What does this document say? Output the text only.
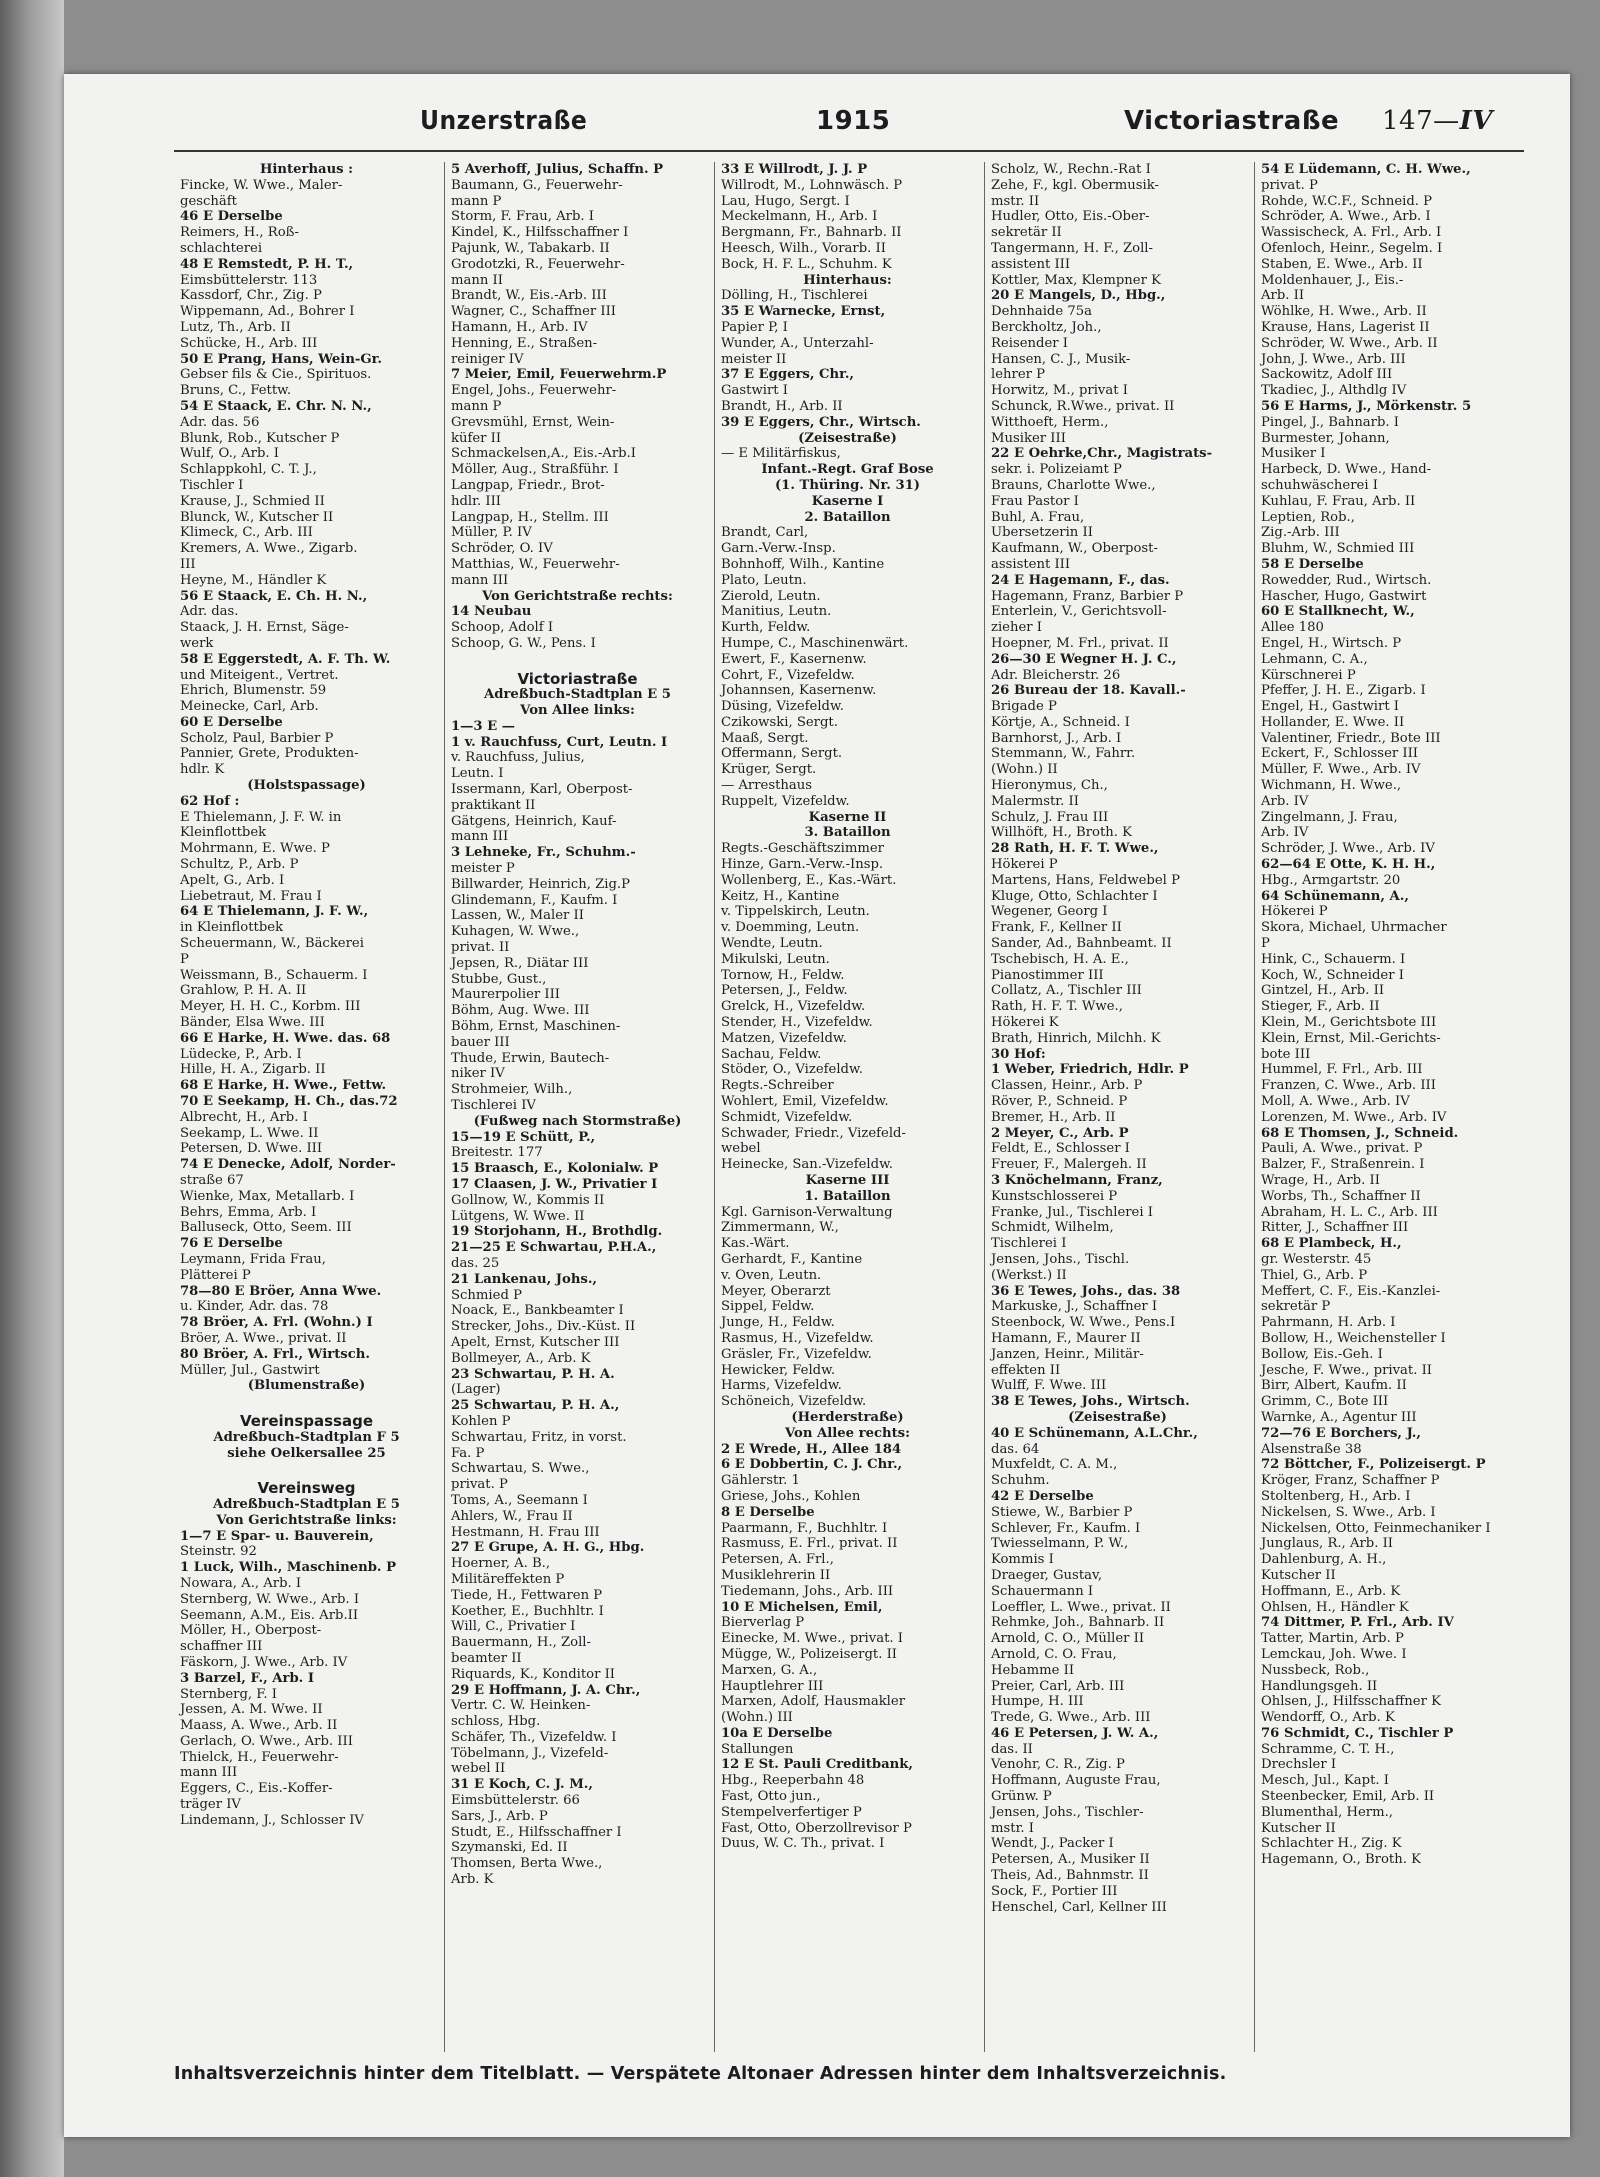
Unzerstraße	1915	Victoriastraße 147—IV
Hinterhaus :
Fincke, W. Wwe., Maler-
geschäft
46 E Derselbe
Reimers, H., Roß-
schlachterei
48 E Remstedt, P. H. T.,
Eimsbüttelerstr. 113
Kassdorf, Chr., Zig. P
Wippemann, Ad., Bohrer I
Lutz, Th., Arb. II
Schücke, H., Arb. III
50 E Prang, Hans, Wein-Gr.
Gebser fils & Cie., Spirituos.
Bruns, C., Fettw.
54 E Staack, E. Chr. N. N.,
Adr. das. 56
Blunk, Rob., Kutscher P
Wulf, O., Arb. I
Schlappkohl, C. T. J.,
Tischler I
Krause, J., Schmied II
Blunck, W., Kutscher II
Klimeck, C., Arb. III
Kremers, A. Wwe., Zigarb.
III
Heyne, M., Händler K
56 E Staack, E. Ch. H. N.,
Adr. das.
Staack, J. H. Ernst, Säge-
werk
58 E Eggerstedt, A. F. Th. W.
und Miteigent., Vertret.
Ehrich, Blumenstr. 59
Meinecke, Carl, Arb.
60 E Derselbe
Scholz, Paul, Barbier P
Pannier, Grete, Produkten-
hdlr. K
(Holstspassage)
62 Hof :
E Thielemann, J. F. W. in
Kleinflottbek
Mohrmann, E. Wwe. P
Schultz, P., Arb. P
Apelt, G., Arb. I
Liebetraut, M. Frau I
64 E Thielemann, J. F. W.,
in Kleinflottbek
Scheuermann, W., Bäckerei
P
Weissmann, B., Schauerm. I
Grahlow, P. H. A. II
Meyer, H. H. C., Korbm. III
Bänder, Elsa Wwe. III
66 E Harke, H. Wwe. das. 68
Lüdecke, P., Arb. I
Hille, H. A., Zigarb. II
68 E Harke, H. Wwe., Fettw.
70 E Seekamp, H. Ch., das.72
Albrecht, H., Arb. I
Seekamp, L. Wwe. II
Petersen, D. Wwe. III
74 E Denecke, Adolf, Norder-
straße 67
Wienke, Max, Metallarb. I
Behrs, Emma, Arb. I
Balluseck, Otto, Seem. III
76 E Derselbe
Leymann, Frida Frau,
Plätterei P
78—80 E Bröer, Anna Wwe.
u. Kinder, Adr. das. 78
78 Bröer, A. Frl. (Wohn.) I
Bröer, A. Wwe., privat. II
80 Bröer, A. Frl., Wirtsch.
Müller, Jul., Gastwirt
(Blumenstraße)

Vereinspassage
Adreßbuch-Stadtplan F 5
siehe Oelkersallee 25

Vereinsweg
Adreßbuch-Stadtplan E 5
Von Gerichtstraße links:
1—7 E Spar- u. Bauverein,
Steinstr. 92
1 Luck, Wilh., Maschinenb. P
Nowara, A., Arb. I
Sternberg, W. Wwe., Arb. I
Seemann, A.M., Eis. Arb.II
Möller, H., Oberpost-
schaffner III
Fäskorn, J. Wwe., Arb. IV
3 Barzel, F., Arb. I
Sternberg, F. I
Jessen, A. M. Wwe. II
Maass, A. Wwe., Arb. II
Gerlach, O. Wwe., Arb. III
Thielck, H., Feuerwehr-
mann III
Eggers, C., Eis.-Koffer-
träger IV
Lindemann, J., Schlosser IV
5 Averhoff, Julius, Schaffn. P
Baumann, G., Feuerwehr-
mann P
Storm, F. Frau, Arb. I
Kindel, K., Hilfsschaffner I
Pajunk, W., Tabakarb. II
Grodotzki, R., Feuerwehr-
mann II
Brandt, W., Eis.-Arb. III
Wagner, C., Schaffner III
Hamann, H., Arb. IV
Henning, E., Straßen-
reiniger IV
7 Meier, Emil, Feuerwehrm.P
Engel, Johs., Feuerwehr-
mann P
Grevsmühl, Ernst, Wein-
küfer II
Schmackelsen,A., Eis.-Arb.I
Möller, Aug., Straßführ. I
Langpap, Friedr., Brot-
hdlr. III
Langpap, H., Stellm. III
Müller, P. IV
Schröder, O. IV
Matthias, W., Feuerwehr-
mann III
Von Gerichtstraße rechts:
14 Neubau
Schoop, Adolf I
Schoop, G. W., Pens. I

Victoriastraße
Adreßbuch-Stadtplan E 5
Von Allee links:
1—3 E —
1 v. Rauchfuss, Curt, Leutn. I
v. Rauchfuss, Julius,
Leutn. I
Issermann, Karl, Oberpost-
praktikant II
Gätgens, Heinrich, Kauf-
mann III
3 Lehneke, Fr., Schuhm.-
meister P
Billwarder, Heinrich, Zig.P
Glindemann, F., Kaufm. I
Lassen, W., Maler II
Kuhagen, W. Wwe.,
privat. II
Jepsen, R., Diätar III
Stubbe, Gust.,
Maurerpolier III
Böhm, Aug. Wwe. III
Böhm, Ernst, Maschinen-
bauer III
Thude, Erwin, Bautech-
niker IV
Strohmeier, Wilh.,
Tischlerei IV
(Fußweg nach Stormstraße)
15—19 E Schütt, P.,
Breitestr. 177
15 Braasch, E., Kolonialw. P
17 Claasen, J. W., Privatier I
Gollnow, W., Kommis II
Lütgens, W. Wwe. II
19 Storjohann, H., Brothdlg.
21—25 E Schwartau, P.H.A.,
das. 25
21 Lankenau, Johs.,
Schmied P
Noack, E., Bankbeamter I
Strecker, Johs., Div.-Küst. II
Apelt, Ernst, Kutscher III
Bollmeyer, A., Arb. K
23 Schwartau, P. H. A.
(Lager)
25 Schwartau, P. H. A.,
Kohlen P
Schwartau, Fritz, in vorst.
Fa. P
Schwartau, S. Wwe.,
privat. P
Toms, A., Seemann I
Ahlers, W., Frau II
Hestmann, H. Frau III
27 E Grupe, A. H. G., Hbg.
Hoerner, A. B.,
Militäreffekten P
Tiede, H., Fettwaren P
Koether, E., Buchhltr. I
Will, C., Privatier I
Bauermann, H., Zoll-
beamter II
Riquards, K., Konditor II
29 E Hoffmann, J. A. Chr.,
Vertr. C. W. Heinken-
schloss, Hbg.
Schäfer, Th., Vizefeldw. I
Töbelmann, J., Vizefeld-
webel II
31 E Koch, C. J. M.,
Eimsbüttelerstr. 66
Sars, J., Arb. P
Studt, E., Hilfsschaffner I
Szymanski, Ed. II
Thomsen, Berta Wwe.,
Arb. K
33 E Willrodt, J. J. P
Willrodt, M., Lohnwäsch. P
Lau, Hugo, Sergt. I
Meckelmann, H., Arb. I
Bergmann, Fr., Bahnarb. II
Heesch, Wilh., Vorarb. II
Bock, H. F. L., Schuhm. K
Hinterhaus:
Dölling, H., Tischlerei
35 E Warnecke, Ernst,
Papier P, I
Wunder, A., Unterzahl-
meister II
37 E Eggers, Chr.,
Gastwirt I
Brandt, H., Arb. II
39 E Eggers, Chr., Wirtsch.
(Zeisestraße)
— E Militärfiskus,
Infant.-Regt. Graf Bose
(1. Thüring. Nr. 31)
Kaserne I
2. Bataillon
Brandt, Carl,
Garn.-Verw.-Insp.
Bohnhoff, Wilh., Kantine
Plato, Leutn.
Zierold, Leutn.
Manitius, Leutn.
Kurth, Feldw.
Humpe, C., Maschinenwärt.
Ewert, F., Kasernenw.
Cohrt, F., Vizefeldw.
Johannsen, Kasernenw.
Düsing, Vizefeldw.
Czikowski, Sergt.
Maaß, Sergt.
Offermann, Sergt.
Krüger, Sergt.
— Arresthaus
Ruppelt, Vizefeldw.
Kaserne II
3. Bataillon
Regts.-Geschäftszimmer
Hinze, Garn.-Verw.-Insp.
Wollenberg, E., Kas.-Wärt.
Keitz, H., Kantine
v. Tippelskirch, Leutn.
v. Doemming, Leutn.
Wendte, Leutn.
Mikulski, Leutn.
Tornow, H., Feldw.
Petersen, J., Feldw.
Grelck, H., Vizefeldw.
Stender, H., Vizefeldw.
Matzen, Vizefeldw.
Sachau, Feldw.
Stöder, O., Vizefeldw.
Regts.-Schreiber
Wohlert, Emil, Vizefeldw.
Schmidt, Vizefeldw.
Schwader, Friedr., Vizefeld-
webel
Heinecke, San.-Vizefeldw.
Kaserne III
1. Bataillon
Kgl. Garnison-Verwaltung
Zimmermann, W.,
Kas.-Wärt.
Gerhardt, F., Kantine
v. Oven, Leutn.
Meyer, Oberarzt
Sippel, Feldw.
Junge, H., Feldw.
Rasmus, H., Vizefeldw.
Gräsler, Fr., Vizefeldw.
Hewicker, Feldw.
Harms, Vizefeldw.
Schöneich, Vizefeldw.
(Herderstraße)
Von Allee rechts:
2 E Wrede, H., Allee 184
6 E Dobbertin, C. J. Chr.,
Gählerstr. 1
Griese, Johs., Kohlen
8 E Derselbe
Paarmann, F., Buchhltr. I
Rasmuss, E. Frl., privat. II
Petersen, A. Frl.,
Musiklehrerin II
Tiedemann, Johs., Arb. III
10 E Michelsen, Emil,
Bierverlag P
Einecke, M. Wwe., privat. I
Mügge, W., Polizeisergt. II
Marxen, G. A.,
Hauptlehrer III
Marxen, Adolf, Hausmakler
(Wohn.) III
10a E Derselbe
Stallungen
12 E St. Pauli Creditbank,
Hbg., Reeperbahn 48
Fast, Otto jun.,
Stempelverfertiger P
Fast, Otto, Oberzollrevisor P
Duus, W. C. Th., privat. I
Scholz, W., Rechn.-Rat I
Zehe, F., kgl. Obermusik-
mstr. II
Hudler, Otto, Eis.-Ober-
sekretär II
Tangermann, H. F., Zoll-
assistent III
Kottler, Max, Klempner K
20 E Mangels, D., Hbg.,
Dehnhaide 75a
Berckholtz, Joh.,
Reisender I
Hansen, C. J., Musik-
lehrer P
Horwitz, M., privat I
Schunck, R.Wwe., privat. II
Witthoeft, Herm.,
Musiker III
22 E Oehrke,Chr., Magistrats-
sekr. i. Polizeiamt P
Brauns, Charlotte Wwe.,
Frau Pastor I
Buhl, A. Frau,
Übersetzerin II
Kaufmann, W., Oberpost-
assistent III
24 E Hagemann, F., das.
Hagemann, Franz, Barbier P
Enterlein, V., Gerichtsvoll-
zieher I
Hoepner, M. Frl., privat. II
26—30 E Wegner H. J. C.,
Adr. Bleicherstr. 26
26 Bureau der 18. Kavall.-
Brigade P
Körtje, A., Schneid. I
Barnhorst, J., Arb. I
Stemmann, W., Fahrr.
(Wohn.) II
Hieronymus, Ch.,
Malermstr. II
Schulz, J. Frau III
Willhöft, H., Broth. K
28 Rath, H. F. T. Wwe.,
Hökerei P
Martens, Hans, Feldwebel P
Kluge, Otto, Schlachter I
Wegener, Georg I
Frank, F., Kellner II
Sander, Ad., Bahnbeamt. II
Tschebisch, H. A. E.,
Pianostimmer III
Collatz, A., Tischler III
Rath, H. F. T. Wwe.,
Hökerei K
Brath, Hinrich, Milchh. K
30 Hof:
1 Weber, Friedrich, Hdlr. P
Classen, Heinr., Arb. P
Röver, P., Schneid. P
Bremer, H., Arb. II
2 Meyer, C., Arb. P
Feldt, E., Schlosser I
Freuer, F., Malergeh. II
3 Knöchelmann, Franz,
Kunstschlosserei P
Franke, Jul., Tischlerei I
Schmidt, Wilhelm,
Tischlerei I
Jensen, Johs., Tischl.
(Werkst.) II
36 E Tewes, Johs., das. 38
Markuske, J., Schaffner I
Steenbock, W. Wwe., Pens.I
Hamann, F., Maurer II
Janzen, Heinr., Militär-
effekten II
Wulff, F. Wwe. III
38 E Tewes, Johs., Wirtsch.
(Zeisestraße)
40 E Schünemann, A.L.Chr.,
das. 64
Muxfeldt, C. A. M.,
Schuhm.
42 E Derselbe
Stiewe, W., Barbier P
Schlever, Fr., Kaufm. I
Twiesselmann, P. W.,
Kommis I
Draeger, Gustav,
Schauermann I
Loeffler, L. Wwe., privat. II
Rehmke, Joh., Bahnarb. II
Arnold, C. O., Müller II
Arnold, C. O. Frau,
Hebamme II
Preier, Carl, Arb. III
Humpe, H. III
Trede, G. Wwe., Arb. III
46 E Petersen, J. W. A.,
das. II
Venohr, C. R., Zig. P
Hoffmann, Auguste Frau,
Grünw. P
Jensen, Johs., Tischler-
mstr. I
Wendt, J., Packer I
Petersen, A., Musiker II
Theis, Ad., Bahnmstr. II
Sock, F., Portier III
Henschel, Carl, Kellner III
54 E Lüdemann, C. H. Wwe.,
privat. P
Rohde, W.C.F., Schneid. P
Schröder, A. Wwe., Arb. I
Wassischeck, A. Frl., Arb. I
Ofenloch, Heinr., Segelm. I
Staben, E. Wwe., Arb. II
Moldenhauer, J., Eis.-
Arb. II
Wöhlke, H. Wwe., Arb. II
Krause, Hans, Lagerist II
Schröder, W. Wwe., Arb. II
John, J. Wwe., Arb. III
Sackowitz, Adolf III
Tkadiec, J., Althdlg IV
56 E Harms, J., Mörkenstr. 5
Pingel, J., Bahnarb. I
Burmester, Johann,
Musiker I
Harbeck, D. Wwe., Hand-
schuhwäscherei I
Kuhlau, F. Frau, Arb. II
Leptien, Rob.,
Zig.-Arb. III
Bluhm, W., Schmied III
58 E Derselbe
Rowedder, Rud., Wirtsch.
Hascher, Hugo, Gastwirt
60 E Stallknecht, W.,
Allee 180
Engel, H., Wirtsch. P
Lehmann, C. A.,
Kürschnerei P
Pfeffer, J. H. E., Zigarb. I
Engel, H., Gastwirt I
Hollander, E. Wwe. II
Valentiner, Friedr., Bote III
Eckert, F., Schlosser III
Müller, F. Wwe., Arb. IV
Wichmann, H. Wwe.,
Arb. IV
Zingelmann, J. Frau,
Arb. IV
Schröder, J. Wwe., Arb. IV
62—64 E Otte, K. H. H.,
Hbg., Armgartstr. 20
64 Schünemann, A.,
Hökerei P
Skora, Michael, Uhrmacher
P
Hink, C., Schauerm. I
Koch, W., Schneider I
Gintzel, H., Arb. II
Stieger, F., Arb. II
Klein, M., Gerichtsbote III
Klein, Ernst, Mil.-Gerichts-
bote III
Hummel, F. Frl., Arb. III
Franzen, C. Wwe., Arb. III
Moll, A. Wwe., Arb. IV
Lorenzen, M. Wwe., Arb. IV
68 E Thomsen, J., Schneid.
Pauli, A. Wwe., privat. P
Balzer, F., Straßenrein. I
Wrage, H., Arb. II
Worbs, Th., Schaffner II
Abraham, H. L. C., Arb. III
Ritter, J., Schaffner III
68 E Plambeck, H.,
gr. Westerstr. 45
Thiel, G., Arb. P
Meffert, C. F., Eis.-Kanzlei-
sekretär P
Pahrmann, H. Arb. I
Bollow, H., Weichensteller I
Bollow, Eis.-Geh. I
Jesche, F. Wwe., privat. II
Birr, Albert, Kaufm. II
Grimm, C., Bote III
Warnke, A., Agentur III
72—76 E Borchers, J.,
Alsenstraße 38
72 Böttcher, F., Polizeisergt. P
Kröger, Franz, Schaffner P
Stoltenberg, H., Arb. I
Nickelsen, S. Wwe., Arb. I
Nickelsen, Otto, Feinmechaniker I
Junglaus, R., Arb. II
Dahlenburg, A. H.,
Kutscher II
Hoffmann, E., Arb. K
Ohlsen, H., Händler K
74 Dittmer, P. Frl., Arb. IV
Tatter, Martin, Arb. P
Lemckau, Joh. Wwe. I
Nussbeck, Rob.,
Handlungsgeh. II
Ohlsen, J., Hilfsschaffner K
Wendorff, O., Arb. K
76 Schmidt, C., Tischler P
Schramme, C. T. H.,
Drechsler I
Mesch, Jul., Kapt. I
Steenbecker, Emil, Arb. II
Blumenthal, Herm.,
Kutscher II
Schlachter H., Zig. K
Hagemann, O., Broth. K
Inhaltsverzeichnis hinter dem Titelblatt. — Verspätete Altonaer Adressen hinter dem Inhaltsverzeichnis.
